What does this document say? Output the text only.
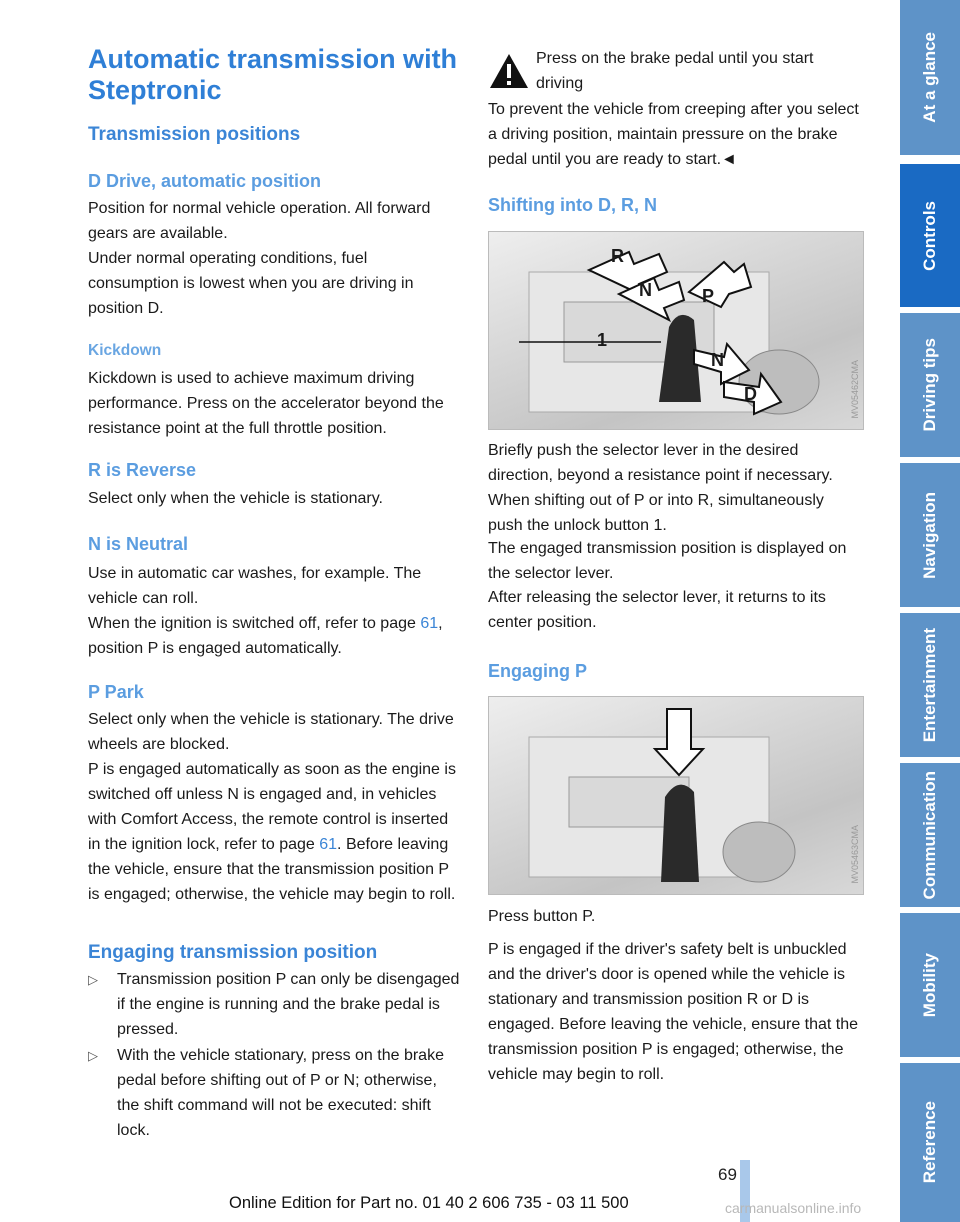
Automatic transmission with Steptronic
Transmission positions
D Drive, automatic position
Position for normal vehicle operation. All forward gears are available.
Under normal operating conditions, fuel consumption is lowest when you are driving in position D.
Kickdown
Kickdown is used to achieve maximum driving performance. Press on the accelerator beyond the resistance point at the full throttle position.
R is Reverse
Select only when the vehicle is stationary.
N is Neutral
Use in automatic car washes, for example. The vehicle can roll.
When the ignition is switched off, refer to page 61, position P is engaged automatically.
P Park
Select only when the vehicle is stationary. The drive wheels are blocked.
P is engaged automatically as soon as the engine is switched off unless N is engaged and, in vehicles with Comfort Access, the remote control is inserted in the ignition lock, refer to page 61. Before leaving the vehicle, ensure that the transmission position P is engaged; otherwise, the vehicle may begin to roll.
Engaging transmission position
▷ Transmission position P can only be disengaged if the engine is running and the brake pedal is pressed.
▷ With the vehicle stationary, press on the brake pedal before shifting out of P or N; otherwise, the shift command will not be executed: shift lock.
Press on the brake pedal until you start driving
To prevent the vehicle from creeping after you select a driving position, maintain pressure on the brake pedal until you are ready to start.◄
Shifting into D, R, N
R
N	P
N
D
1
MV05462CMA
Briefly push the selector lever in the desired direction, beyond a resistance point if necessary. When shifting out of P or into R, simultaneously push the unlock button 1.
The engaged transmission position is displayed on the selector lever.
After releasing the selector lever, it returns to its center position.
Engaging P
MV05463CMA
Press button P.
P is engaged if the driver's safety belt is unbuckled and the driver's door is opened while the vehicle is stationary and transmission position R or D is engaged. Before leaving the vehicle, ensure that the transmission position P is engaged; otherwise, the vehicle may begin to roll.
At a glance
Controls
Driving tips
Navigation
Entertainment
Communication
Mobility
Reference
69
Online Edition for Part no. 01 40 2 606 735 - 03 11 500	carmanualsonline.info
